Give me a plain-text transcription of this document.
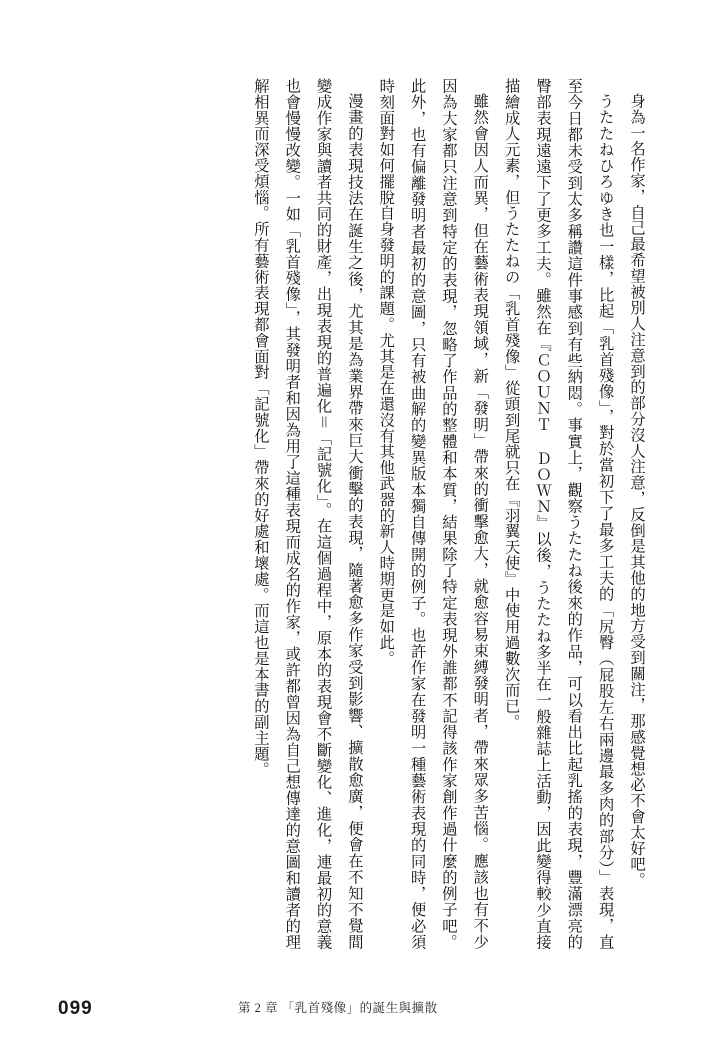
身為一名作家，自己最希望被別人注意到的部分沒人注意，反倒是其他的地方受到關注，那感覺想必不會太好吧。

うたたねひろゆき也一樣，比起「乳首殘像」，對於當初下了最多工夫的「尻臀（屁股左右兩邊最多肉的部分）」表現，直至今日都未受到太多稱讚這件事感到有些納悶。事實上，觀察うたたね後來的作品，可以看出比起乳搖的表現，豐滿漂亮的臀部表現遠遠下了更多工夫。雖然在『ＣＯＵＮＴ ＤＯＷＮ』以後，うたたね多半在一般雜誌上活動，因此變得較少直接描繪成人元素，但うたたねの「乳首殘像」從頭到尾就只在『羽翼天使』中使用過數次而已。

雖然會因人而異，但在藝術表現領域，新「發明」帶來的衝擊愈大，就愈容易束縛發明者，帶來眾多苦惱。應該也有不少因為大家都只注意到特定的表現，忽略了作品的整體和本質，結果除了特定表現外誰都不記得該作家創作過什麼的例子吧。此外，也有偏離發明者最初的意圖，只有被曲解的變異版本獨自傳開的例子。也許作家在發明一種藝術表現的同時，便必須時刻面對如何擺脫自身發明的課題。尤其是在還沒有其他武器的新人時期更是如此。

漫畫的表現技法在誕生之後，尤其是為業界帶來巨大衝擊的表現，隨著愈多作家受到影響、擴散愈廣，便會在不知不覺間變成作家與讀者共同的財產，出現表現的普遍化＝「記號化」。在這個過程中，原本的表現會不斷變化、進化，連最初的意義也會慢慢改變。一如「乳首殘像」，其發明者和因為用了這種表現而成名的作家，或許都曾因為自己想傳達的意圖和讀者的理解相異而深受煩惱。所有藝術表現都會面對「記號化」帶來的好處和壞處。而這也是本書的副主題。

099	第 2 章 「乳首殘像」的誕生與擴散
